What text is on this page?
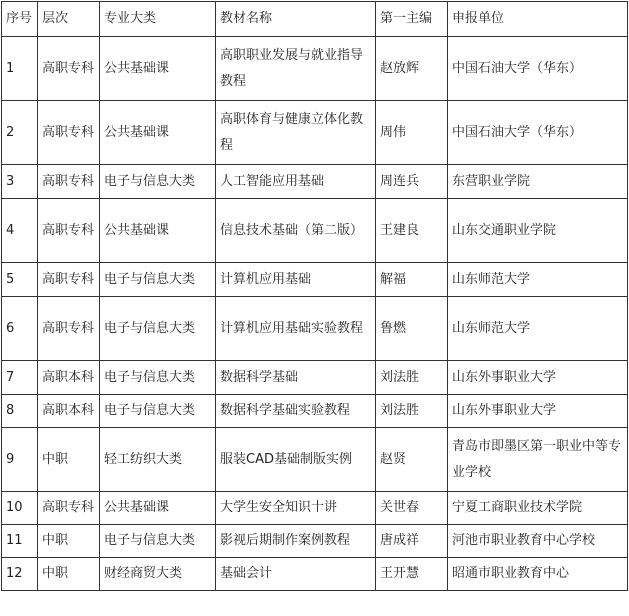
序号	层次	专业大类	教材名称	第一主编	申报单位
1	高职专科	公共基础课	高职职业发展与就业指导教程	赵放辉	中国石油大学（华东）
2	高职专科	公共基础课	高职体育与健康立体化教程	周伟	中国石油大学（华东）
3	高职专科	电子与信息大类	人工智能应用基础	周连兵	东营职业学院
4	高职专科	公共基础课	信息技术基础（第二版）	王建良	山东交通职业学院
5	高职专科	电子与信息大类	计算机应用基础	解福	山东师范大学
6	高职专科	电子与信息大类	计算机应用基础实验教程	鲁燃	山东师范大学
7	高职本科	电子与信息大类	数据科学基础	刘法胜	山东外事职业大学
8	高职本科	电子与信息大类	数据科学基础实验教程	刘法胜	山东外事职业大学
9	中职	轻工纺织大类	服装CAD基础制版实例	赵贤	青岛市即墨区第一职业中等专业学校
10	高职专科	公共基础课	大学生安全知识十讲	关世春	宁夏工商职业技术学院
11	中职	电子与信息大类	影视后期制作案例教程	唐成祥	河池市职业教育中心学校
12	中职	财经商贸大类	基础会计	王开慧	昭通市职业教育中心
